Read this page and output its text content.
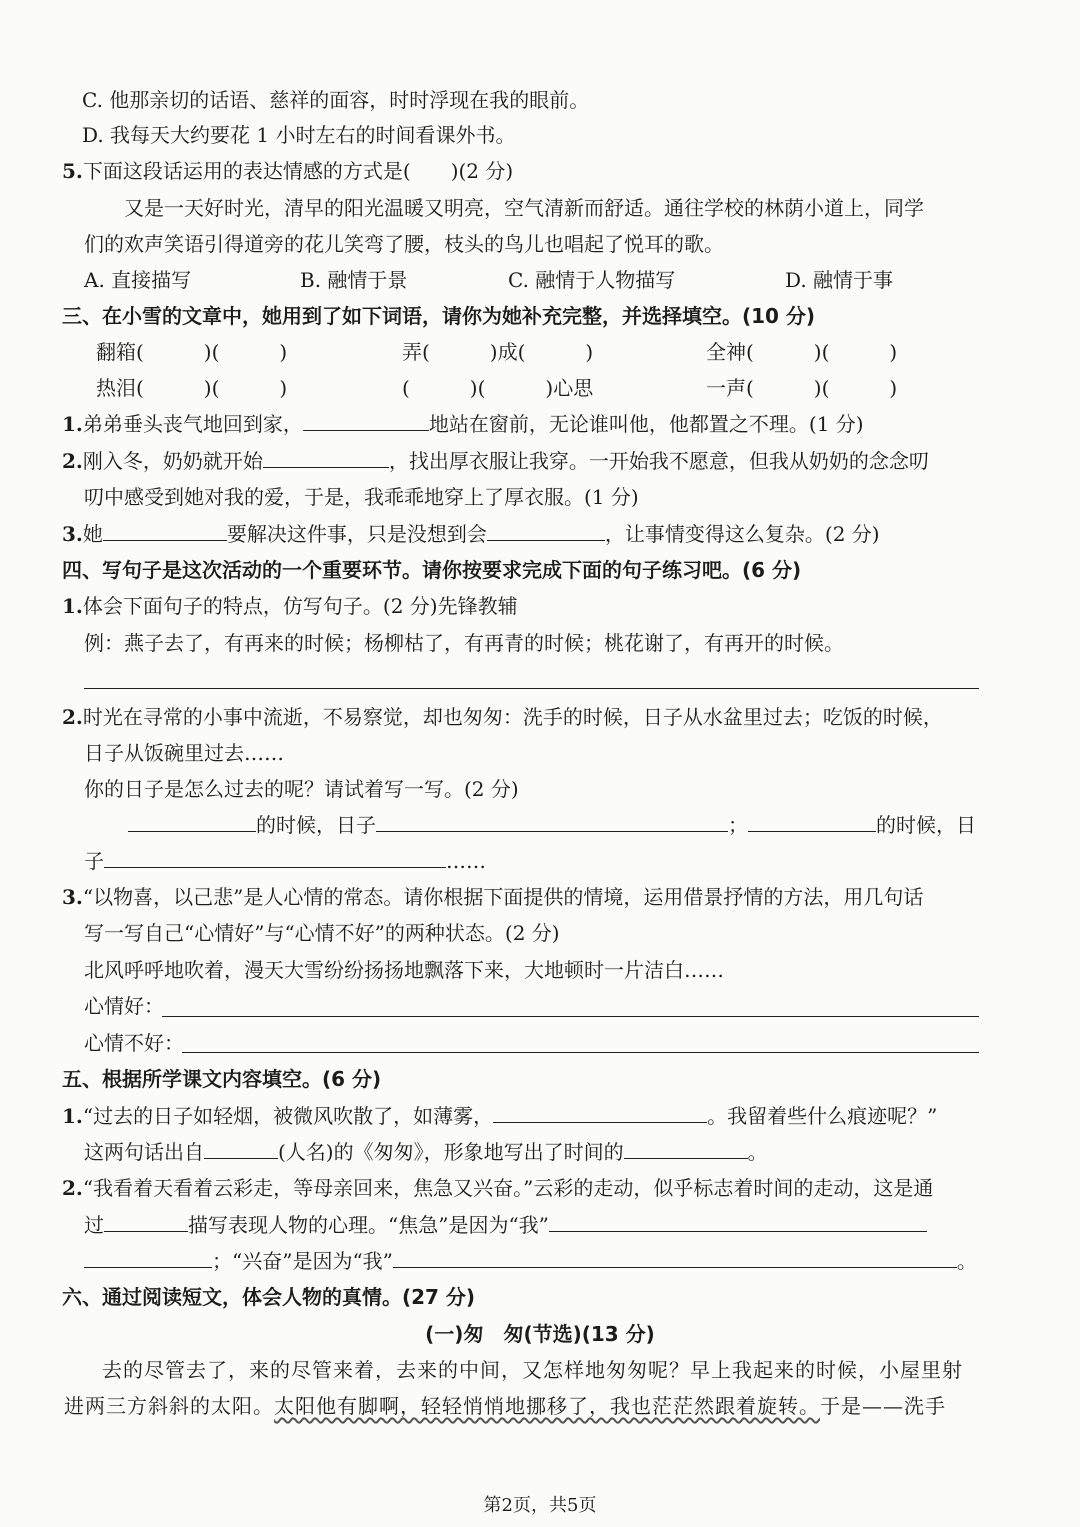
C. 他那亲切的话语、慈祥的面容，时时浮现在我的眼前。
D. 我每天大约要花 1 小时左右的时间看课外书。
5.下面这段话运用的表达情感的方式是(　　)(2 分)
又是一天好时光，清早的阳光温暖又明亮，空气清新而舒适。通往学校的林荫小道上，同学
们的欢声笑语引得道旁的花儿笑弯了腰，枝头的鸟儿也唱起了悦耳的歌。
A. 直接描写	B. 融情于景	C. 融情于人物描写	D. 融情于事
三、在小雪的文章中，她用到了如下词语，请你为她补充完整，并选择填空。(10 分)
翻箱(　　　)(　　　)	弄(　　　)成(　　　)	全神(　　　)(　　　)
热泪(　　　)(　　　)	(　　　)(　　　)心思	一声(　　　)(　　　)
1.弟弟垂头丧气地回到家，	地站在窗前，无论谁叫他，他都置之不理。(1 分)
2.刚入冬，奶奶就开始	，找出厚衣服让我穿。一开始我不愿意，但我从奶奶的念念叨
叨中感受到她对我的爱，于是，我乖乖地穿上了厚衣服。(1 分)
3.她	要解决这件事，只是没想到会	，让事情变得这么复杂。(2 分)
四、写句子是这次活动的一个重要环节。请你按要求完成下面的句子练习吧。(6 分)
1.体会下面句子的特点，仿写句子。(2 分)先锋教辅
例：燕子去了，有再来的时候；杨柳枯了，有再青的时候；桃花谢了，有再开的时候。
2.时光在寻常的小事中流逝，不易察觉，却也匆匆：洗手的时候，日子从水盆里过去；吃饭的时候，
日子从饭碗里过去……
你的日子是怎么过去的呢？请试着写一写。(2 分)
的时候，日子	；	的时候，日
子	……
3.“以物喜，以己悲”是人心情的常态。请你根据下面提供的情境，运用借景抒情的方法，用几句话
写一写自己“心情好”与“心情不好”的两种状态。(2 分)
北风呼呼地吹着，漫天大雪纷纷扬扬地飘落下来，大地顿时一片洁白……
心情好：
心情不好：
五、根据所学课文内容填空。(6 分)
1.“过去的日子如轻烟，被微风吹散了，如薄雾，	。我留着些什么痕迹呢？”
这两句话出自	(人名)的《匆匆》，形象地写出了时间的	。
2.“我看着天看着云彩走，等母亲回来，焦急又兴奋。”云彩的走动，似乎标志着时间的走动，这是通
过	描写表现人物的心理。“焦急”是因为“我”
；“兴奋”是因为“我”	。
六、通过阅读短文，体会人物的真情。(27 分)
(一)匆　匆(节选)(13 分)
去的尽管去了，来的尽管来着，去来的中间，又怎样地匆匆呢？早上我起来的时候，小屋里射
进两三方斜斜的太阳。太阳他有脚啊，轻轻悄悄地挪移了，我也茫茫然跟着旋转。于是——洗手
第2页，共5页
